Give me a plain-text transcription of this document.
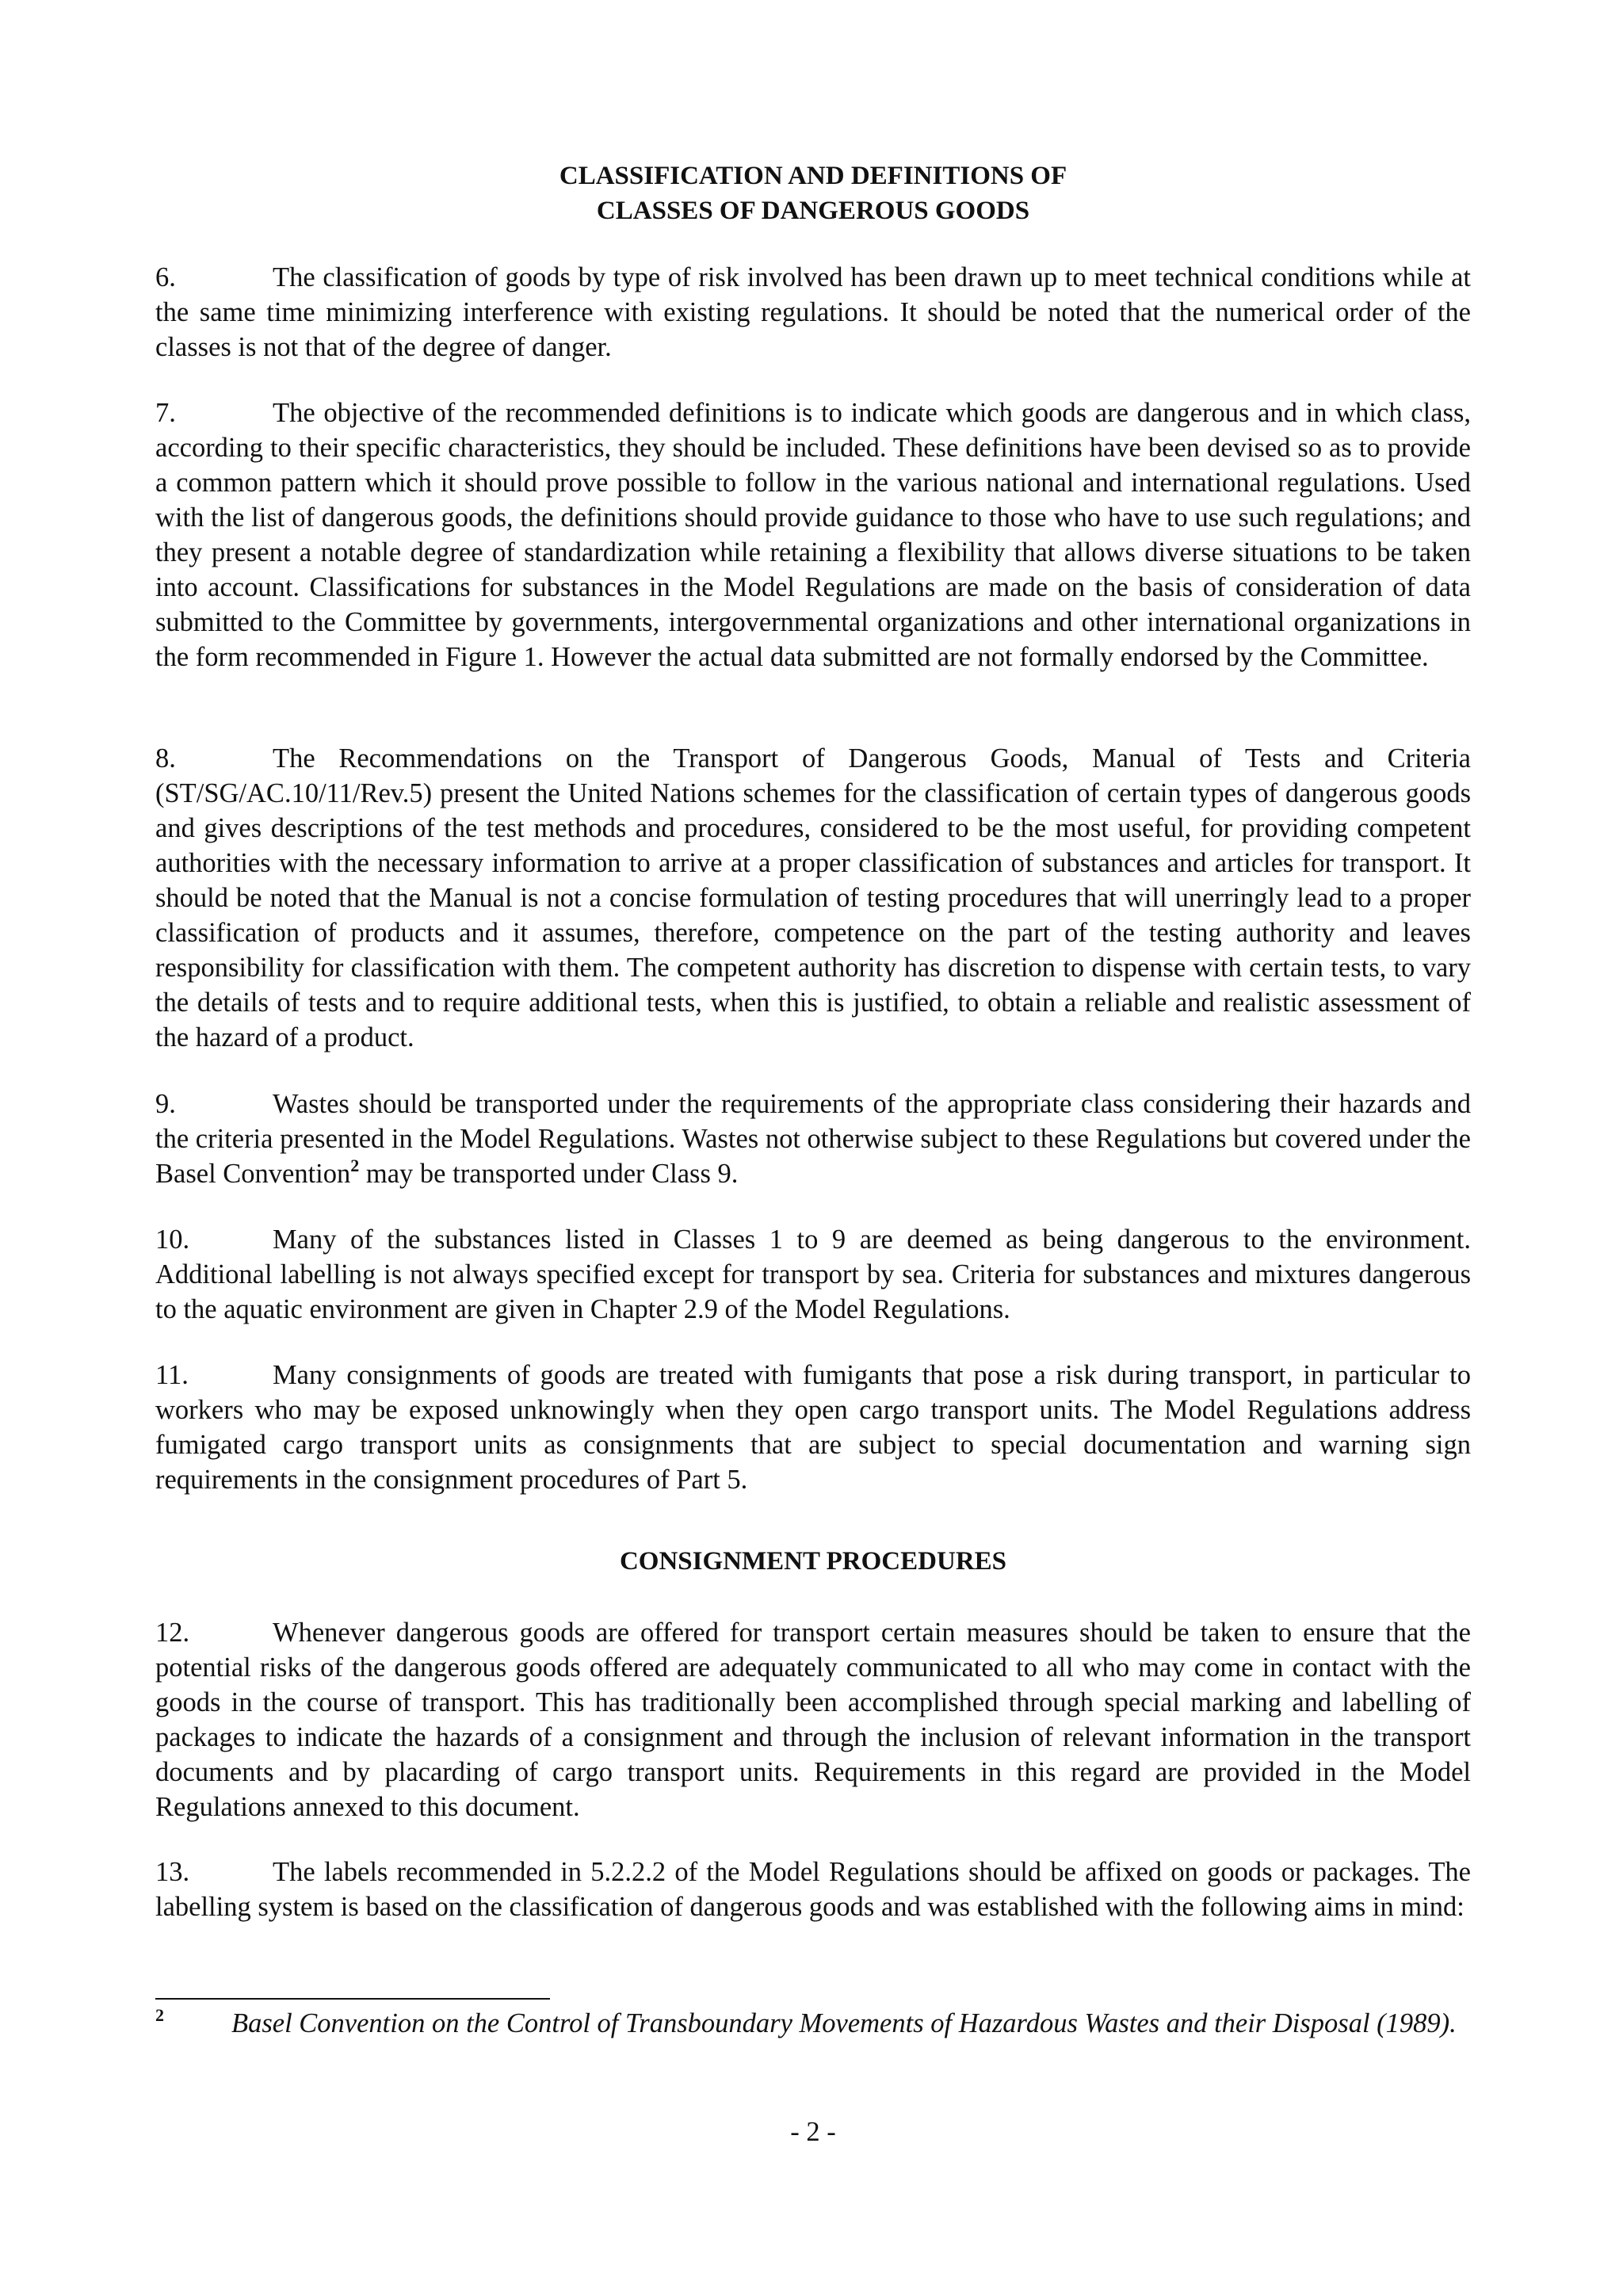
CLASSIFICATION AND DEFINITIONS OF
CLASSES OF DANGEROUS GOODS

6.	The classification of goods by type of risk involved has been drawn up to meet technical conditions while at the same time minimizing interference with existing regulations. It should be noted that the numerical order of the classes is not that of the degree of danger.

7.	The objective of the recommended definitions is to indicate which goods are dangerous and in which class, according to their specific characteristics, they should be included. These definitions have been devised so as to provide a common pattern which it should prove possible to follow in the various national and international regulations. Used with the list of dangerous goods, the definitions should provide guidance to those who have to use such regulations; and they present a notable degree of standardization while retaining a flexibility that allows diverse situations to be taken into account. Classifications for substances in the Model Regulations are made on the basis of consideration of data submitted to the Committee by governments, intergovernmental organizations and other international organizations in the form recommended in Figure 1. However the actual data submitted are not formally endorsed by the Committee.

8.	The Recommendations on the Transport of Dangerous Goods, Manual of Tests and Criteria (ST/SG/AC.10/11/Rev.5) present the United Nations schemes for the classification of certain types of dangerous goods and gives descriptions of the test methods and procedures, considered to be the most useful, for providing competent authorities with the necessary information to arrive at a proper classification of substances and articles for transport. It should be noted that the Manual is not a concise formulation of testing procedures that will unerringly lead to a proper classification of products and it assumes, therefore, competence on the part of the testing authority and leaves responsibility for classification with them. The competent authority has discretion to dispense with certain tests, to vary the details of tests and to require additional tests, when this is justified, to obtain a reliable and realistic assessment of the hazard of a product.

9.	Wastes should be transported under the requirements of the appropriate class considering their hazards and the criteria presented in the Model Regulations. Wastes not otherwise subject to these Regulations but covered under the Basel Convention$^2$ may be transported under Class 9.

10.	Many of the substances listed in Classes 1 to 9 are deemed as being dangerous to the environment. Additional labelling is not always specified except for transport by sea. Criteria for substances and mixtures dangerous to the aquatic environment are given in Chapter 2.9 of the Model Regulations.

11.	Many consignments of goods are treated with fumigants that pose a risk during transport, in particular to workers who may be exposed unknowingly when they open cargo transport units. The Model Regulations address fumigated cargo transport units as consignments that are subject to special documentation and warning sign requirements in the consignment procedures of Part 5.

CONSIGNMENT PROCEDURES

12.	Whenever dangerous goods are offered for transport certain measures should be taken to ensure that the potential risks of the dangerous goods offered are adequately communicated to all who may come in contact with the goods in the course of transport. This has traditionally been accomplished through special marking and labelling of packages to indicate the hazards of a consignment and through the inclusion of relevant information in the transport documents and by placarding of cargo transport units. Requirements in this regard are provided in the Model Regulations annexed to this document.

13.	The labels recommended in 5.2.2.2 of the Model Regulations should be affixed on goods or packages. The labelling system is based on the classification of dangerous goods and was established with the following aims in mind:

2 Basel Convention on the Control of Transboundary Movements of Hazardous Wastes and their Disposal (1989).

- 2 -
